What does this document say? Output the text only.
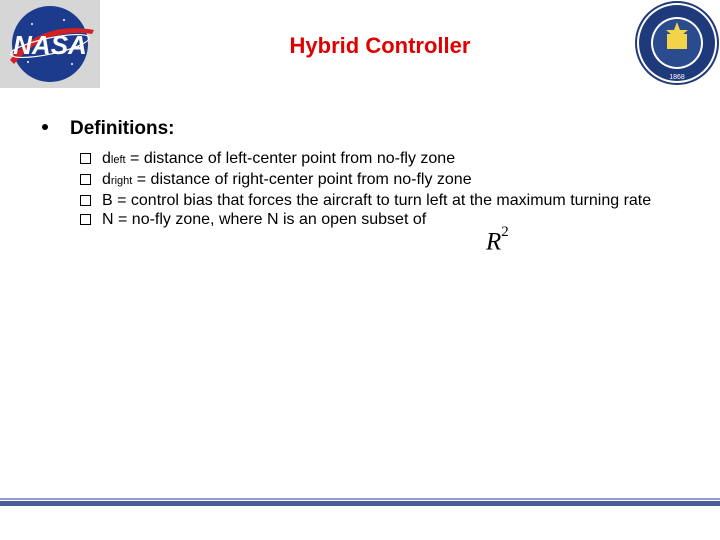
NASA
1868
Hybrid Controller
Definitions:
dleft = distance of left-center point from no-fly zone
dright = distance of right-center point from no-fly zone
B = control bias that forces the aircraft to turn left at the maximum turning rate
N = no-fly zone, where N is an open subset of
$R^2$
